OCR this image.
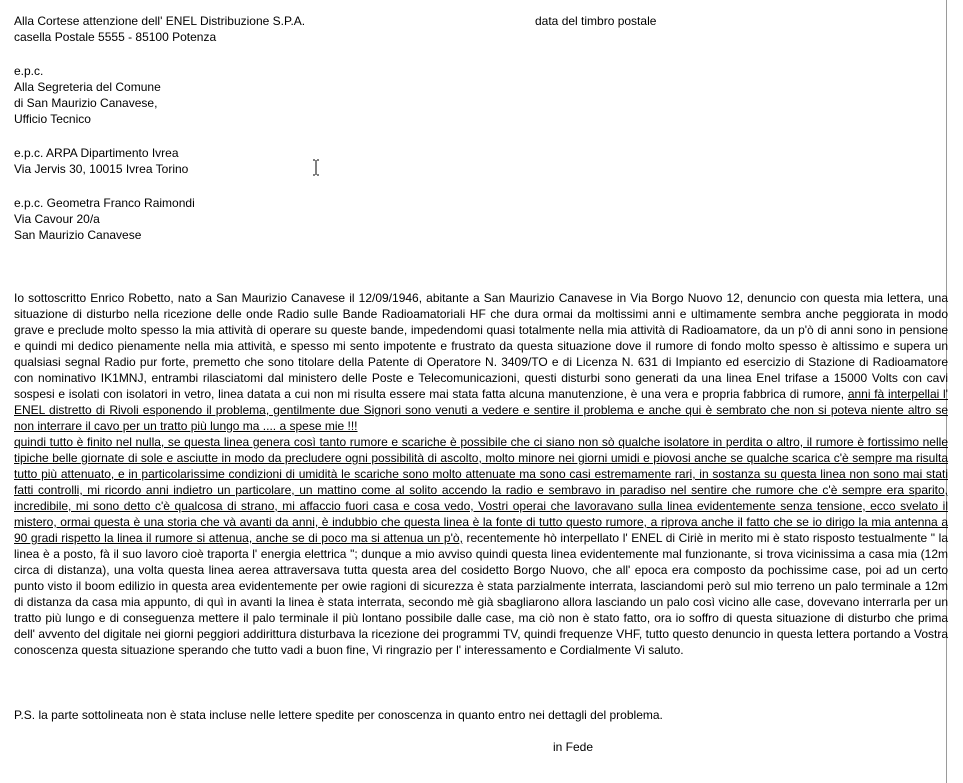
Alla Cortese attenzione dell' ENEL Distribuzione S.P.A.
casella Postale 5555 - 85100 Potenza
data del timbro postale
e.p.c.
Alla Segreteria del Comune
di San Maurizio Canavese,
Ufficio Tecnico
e.p.c. ARPA Dipartimento Ivrea
Via Jervis 30, 10015 Ivrea Torino
e.p.c. Geometra Franco Raimondi
Via Cavour 20/a
San Maurizio Canavese

Io sottoscritto Enrico Robetto, nato a San Maurizio Canavese il 12/09/1946, abitante a San Maurizio Canavese in Via Borgo Nuovo 12, denuncio con questa mia lettera, una situazione di disturbo nella ricezione delle onde Radio sulle Bande Radioamatoriali HF che dura ormai da moltissimi anni e ultimamente sembra anche peggiorata in modo grave e preclude molto spesso la mia attività di operare su queste bande, impedendomi quasi totalmente nella mia attività di Radioamatore, da un p'ò di anni sono in pensione e quindi mi dedico pienamente nella mia attività, e spesso mi sento impotente e frustrato da questa situazione dove il rumore di fondo molto spesso è altissimo e supera un qualsiasi segnal Radio pur forte, premetto che sono titolare della Patente di Operatore N. 3409/TO e di Licenza N. 631 di Impianto ed esercizio di Stazione di Radioamatore con nominativo IK1MNJ, entrambi rilasciatomi dal ministero delle Poste e Telecomunicazioni, questi disturbi sono generati da una linea Enel trifase a 15000 Volts con cavi sospesi e isolati con isolatori in vetro, linea datata a cui non mi risulta essere mai stata fatta alcuna manutenzione, è una vera e propria fabbrica di rumore, anni fà interpellai l' ENEL distretto di Rivoli esponendo il problema, gentilmente due Signori sono venuti a vedere e sentire il problema e anche qui è sembrato che non si poteva niente altro se non interrare il cavo per un tratto più lungo ma .... a spese mie !!!
quindi tutto è finito nel nulla, se questa linea genera così tanto rumore e scariche è possibile che ci siano non sò qualche isolatore in perdita o altro, il rumore è fortissimo nelle tipiche belle giornate di sole e asciutte in modo da precludere ogni possibilità di ascolto, molto minore nei giorni umidi e piovosi anche se qualche scarica c'è sempre ma risulta tutto più attenuato, e in particolarissime condizioni di umidità le scariche sono molto attenuate ma sono casi estremamente rari, in sostanza su questa linea non sono mai stati fatti controlli, mi ricordo anni indietro un particolare, un mattino come al solito accendo la radio e sembravo in paradiso nel sentire che rumore che c'è sempre era sparito, incredibile, mi sono detto c'è qualcosa di strano, mi affaccio fuori casa e cosa vedo, Vostri operai che lavoravano sulla linea evidentemente senza tensione, ecco svelato il mistero, ormai questa è una storia che và avanti da anni, è indubbio che questa linea è la fonte di tutto questo rumore, a riprova anche il fatto che se io dirigo la mia antenna a 90 gradi rispetto la linea il rumore si attenua, anche se di poco ma si attenua un p'ò, recentemente hò interpellato l' ENEL di Ciriè in merito mi è stato risposto testualmente " la linea è a posto, fà il suo lavoro cioè traporta l' energia elettrica "; dunque a mio avviso quindi questa linea evidentemente mal funzionante, si trova vicinissima a casa mia (12m circa di distanza), una volta questa linea aerea attraversava tutta questa area del cosidetto Borgo Nuovo, che all' epoca era composto da pochissime case, poi ad un certo punto visto il boom edilizio in questa area evidentemente per owie ragioni di sicurezza è stata parzialmente interrata, lasciandomi però sul mio terreno un palo terminale a 12m di distanza da casa mia appunto, di quì in avanti la linea è stata interrata, secondo mè già sbagliarono allora lasciando un palo così vicino alle case, dovevano interrarla per un tratto più lungo e di conseguenza mettere il palo terminale il più lontano possibile dalle case, ma ciò non è stato fatto, ora io soffro di questa situazione di disturbo che prima dell' avvento del digitale nei giorni peggiori addirittura disturbava la ricezione dei programmi TV, quindi frequenze VHF, tutto questo denuncio in questa lettera portando a Vostra conoscenza questa situazione sperando che tutto vadi a buon fine, Vi ringrazio per l' interessamento e Cordialmente Vi saluto.

P.S. la parte sottolineata non è stata incluse nelle lettere spedite per conoscenza in quanto entro nei dettagli del problema.
in Fede
